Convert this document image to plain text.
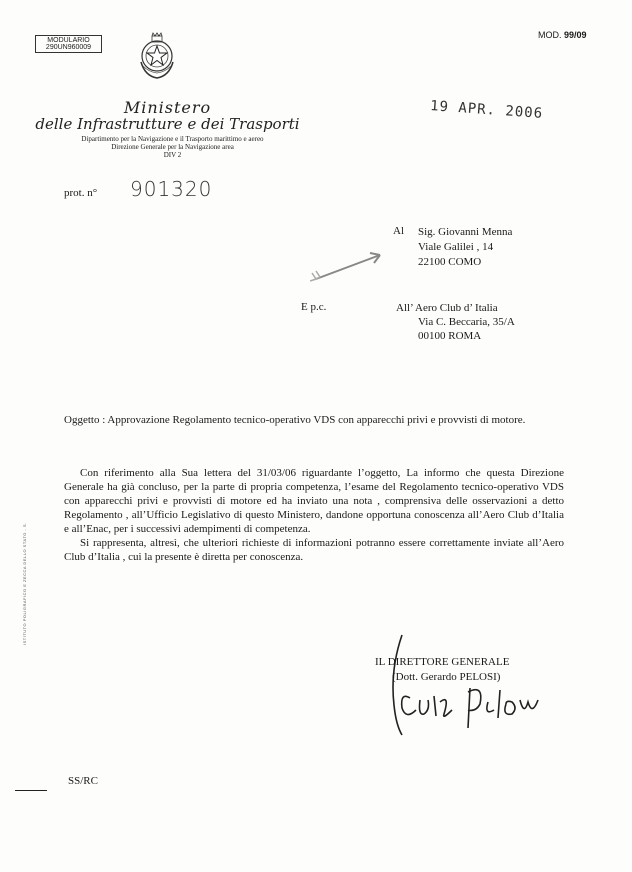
MODULARIO
290UN960009
MOD. 99/09
Ministero
delle Infrastrutture e dei Trasporti
Dipartimento per la Navigazione e il Trasporto marittimo e aereo
Direzione Generale per la Navigazione area
DIV 2
19 APR. 2006
prot. n° 901320
Al Sig. Giovanni Menna
Viale Galilei , 14
22100 COMO
E p.c.	All’ Aero Club d’ Italia
Via C. Beccaria, 35/A
00100 ROMA
Oggetto : Approvazione Regolamento tecnico-operativo VDS con apparecchi privi e provvisti di motore.

Con riferimento alla Sua lettera del 31/03/06 riguardante l’oggetto, La informo che questa Direzione Generale ha già concluso, per la parte di propria competenza, l’esame del Regolamento tecnico-operativo VDS con apparecchi privi e provvisti di motore ed ha inviato una nota , comprensiva delle osservazioni a detto Regolamento , all’Ufficio Legislativo di questo Ministero, dandone opportuna conoscenza all’Aero Club d’Italia e all’Enac, per i successivi adempimenti di competenza.

Si rappresenta, altresì, che ulteriori richieste di informazioni potranno essere correttamente inviate all’Aero Club d’Italia , cui la presente è diretta per conoscenza.

ISTITUTO POLIGRAFICO E ZECCA DELLO STATO - S.
IL DIRETTORE GENERALE
(Dott. Gerardo PELOSI)
SS/RC
